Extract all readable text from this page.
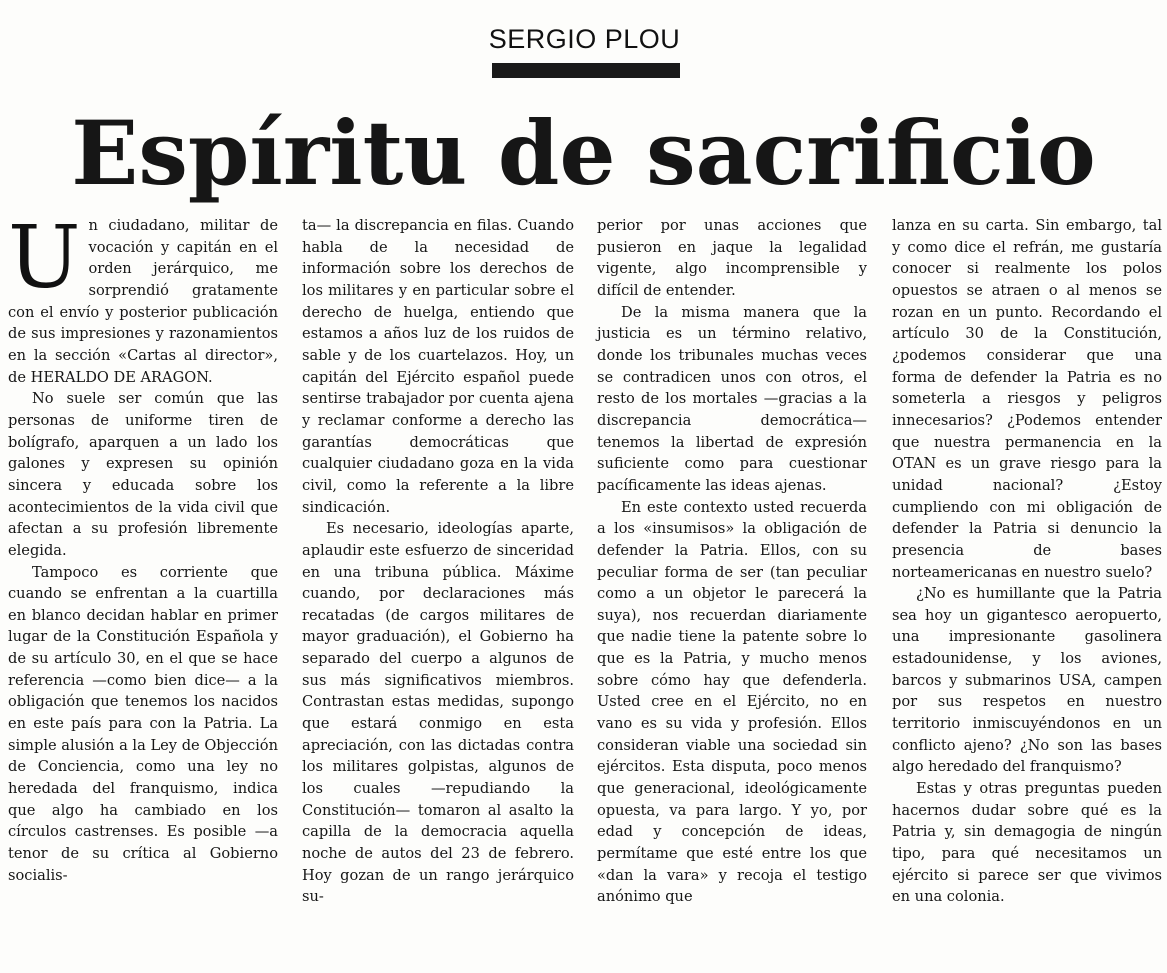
SERGIO PLOU
Espíritu de sacrificio

Un ciudadano, militar de vocación y capitán en el orden jerárquico, me sorprendió gratamente con el envío y posterior publicación de sus impresiones y razonamientos en la sección «Cartas al director», de HERALDO DE ARAGON.

No suele ser común que las personas de uniforme tiren de bolígrafo, aparquen a un lado los galones y expresen su opinión sincera y educada sobre los acontecimientos de la vida civil que afectan a su profesión libremente elegida.

Tampoco es corriente que cuando se enfrentan a la cuartilla en blanco decidan hablar en primer lugar de la Constitución Española y de su artículo 30, en el que se hace referencia —como bien dice— a la obligación que tenemos los nacidos en este país para con la Patria. La simple alusión a la Ley de Objección de Conciencia, como una ley no heredada del franquismo, indica que algo ha cambiado en los círculos castrenses. Es posible —a tenor de su crítica al Gobierno socialis-

ta— la discrepancia en filas. Cuando habla de la necesidad de información sobre los derechos de los militares y en particular sobre el derecho de huelga, entiendo que estamos a años luz de los ruidos de sable y de los cuartelazos. Hoy, un capitán del Ejército español puede sentirse trabajador por cuenta ajena y reclamar conforme a derecho las garantías democráticas que cualquier ciudadano goza en la vida civil, como la referente a la libre sindicación.

Es necesario, ideologías aparte, aplaudir este esfuerzo de sinceridad en una tribuna pública. Máxime cuando, por declaraciones más recatadas (de cargos militares de mayor graduación), el Gobierno ha separado del cuerpo a algunos de sus más significativos miembros. Contrastan estas medidas, supongo que estará conmigo en esta apreciación, con las dictadas contra los militares golpistas, algunos de los cuales —repudiando la Constitución— tomaron al asalto la capilla de la democracia aquella noche de autos del 23 de febrero. Hoy gozan de un rango jerárquico su-

perior por unas acciones que pusieron en jaque la legalidad vigente, algo incomprensible y difícil de entender.

De la misma manera que la justicia es un término relativo, donde los tribunales muchas veces se contradicen unos con otros, el resto de los mortales —gracias a la discrepancia democrática— tenemos la libertad de expresión suficiente como para cuestionar pacíficamente las ideas ajenas.

En este contexto usted recuerda a los «insumisos» la obligación de defender la Patria. Ellos, con su peculiar forma de ser (tan peculiar como a un objetor le parecerá la suya), nos recuerdan diariamente que nadie tiene la patente sobre lo que es la Patria, y mucho menos sobre cómo hay que defenderla. Usted cree en el Ejército, no en vano es su vida y profesión. Ellos consideran viable una sociedad sin ejércitos. Esta disputa, poco menos que generacional, ideológicamente opuesta, va para largo. Y yo, por edad y concepción de ideas, permítame que esté entre los que «dan la vara» y recoja el testigo anónimo que

lanza en su carta. Sin embargo, tal y como dice el refrán, me gustaría conocer si realmente los polos opuestos se atraen o al menos se rozan en un punto. Recordando el artículo 30 de la Constitución, ¿podemos considerar que una forma de defender la Patria es no someterla a riesgos y peligros innecesarios? ¿Podemos entender que nuestra permanencia en la OTAN es un grave riesgo para la unidad nacional? ¿Estoy cumpliendo con mi obligación de defender la Patria si denuncio la presencia de bases norteamericanas en nuestro suelo?

¿No es humillante que la Patria sea hoy un gigantesco aeropuerto, una impresionante gasolinera estadounidense, y los aviones, barcos y submarinos USA, campen por sus respetos en nuestro territorio inmiscuyéndonos en un conflicto ajeno? ¿No son las bases algo heredado del franquismo?

Estas y otras preguntas pueden hacernos dudar sobre qué es la Patria y, sin demagogia de ningún tipo, para qué necesitamos un ejército si parece ser que vivimos en una colonia.
